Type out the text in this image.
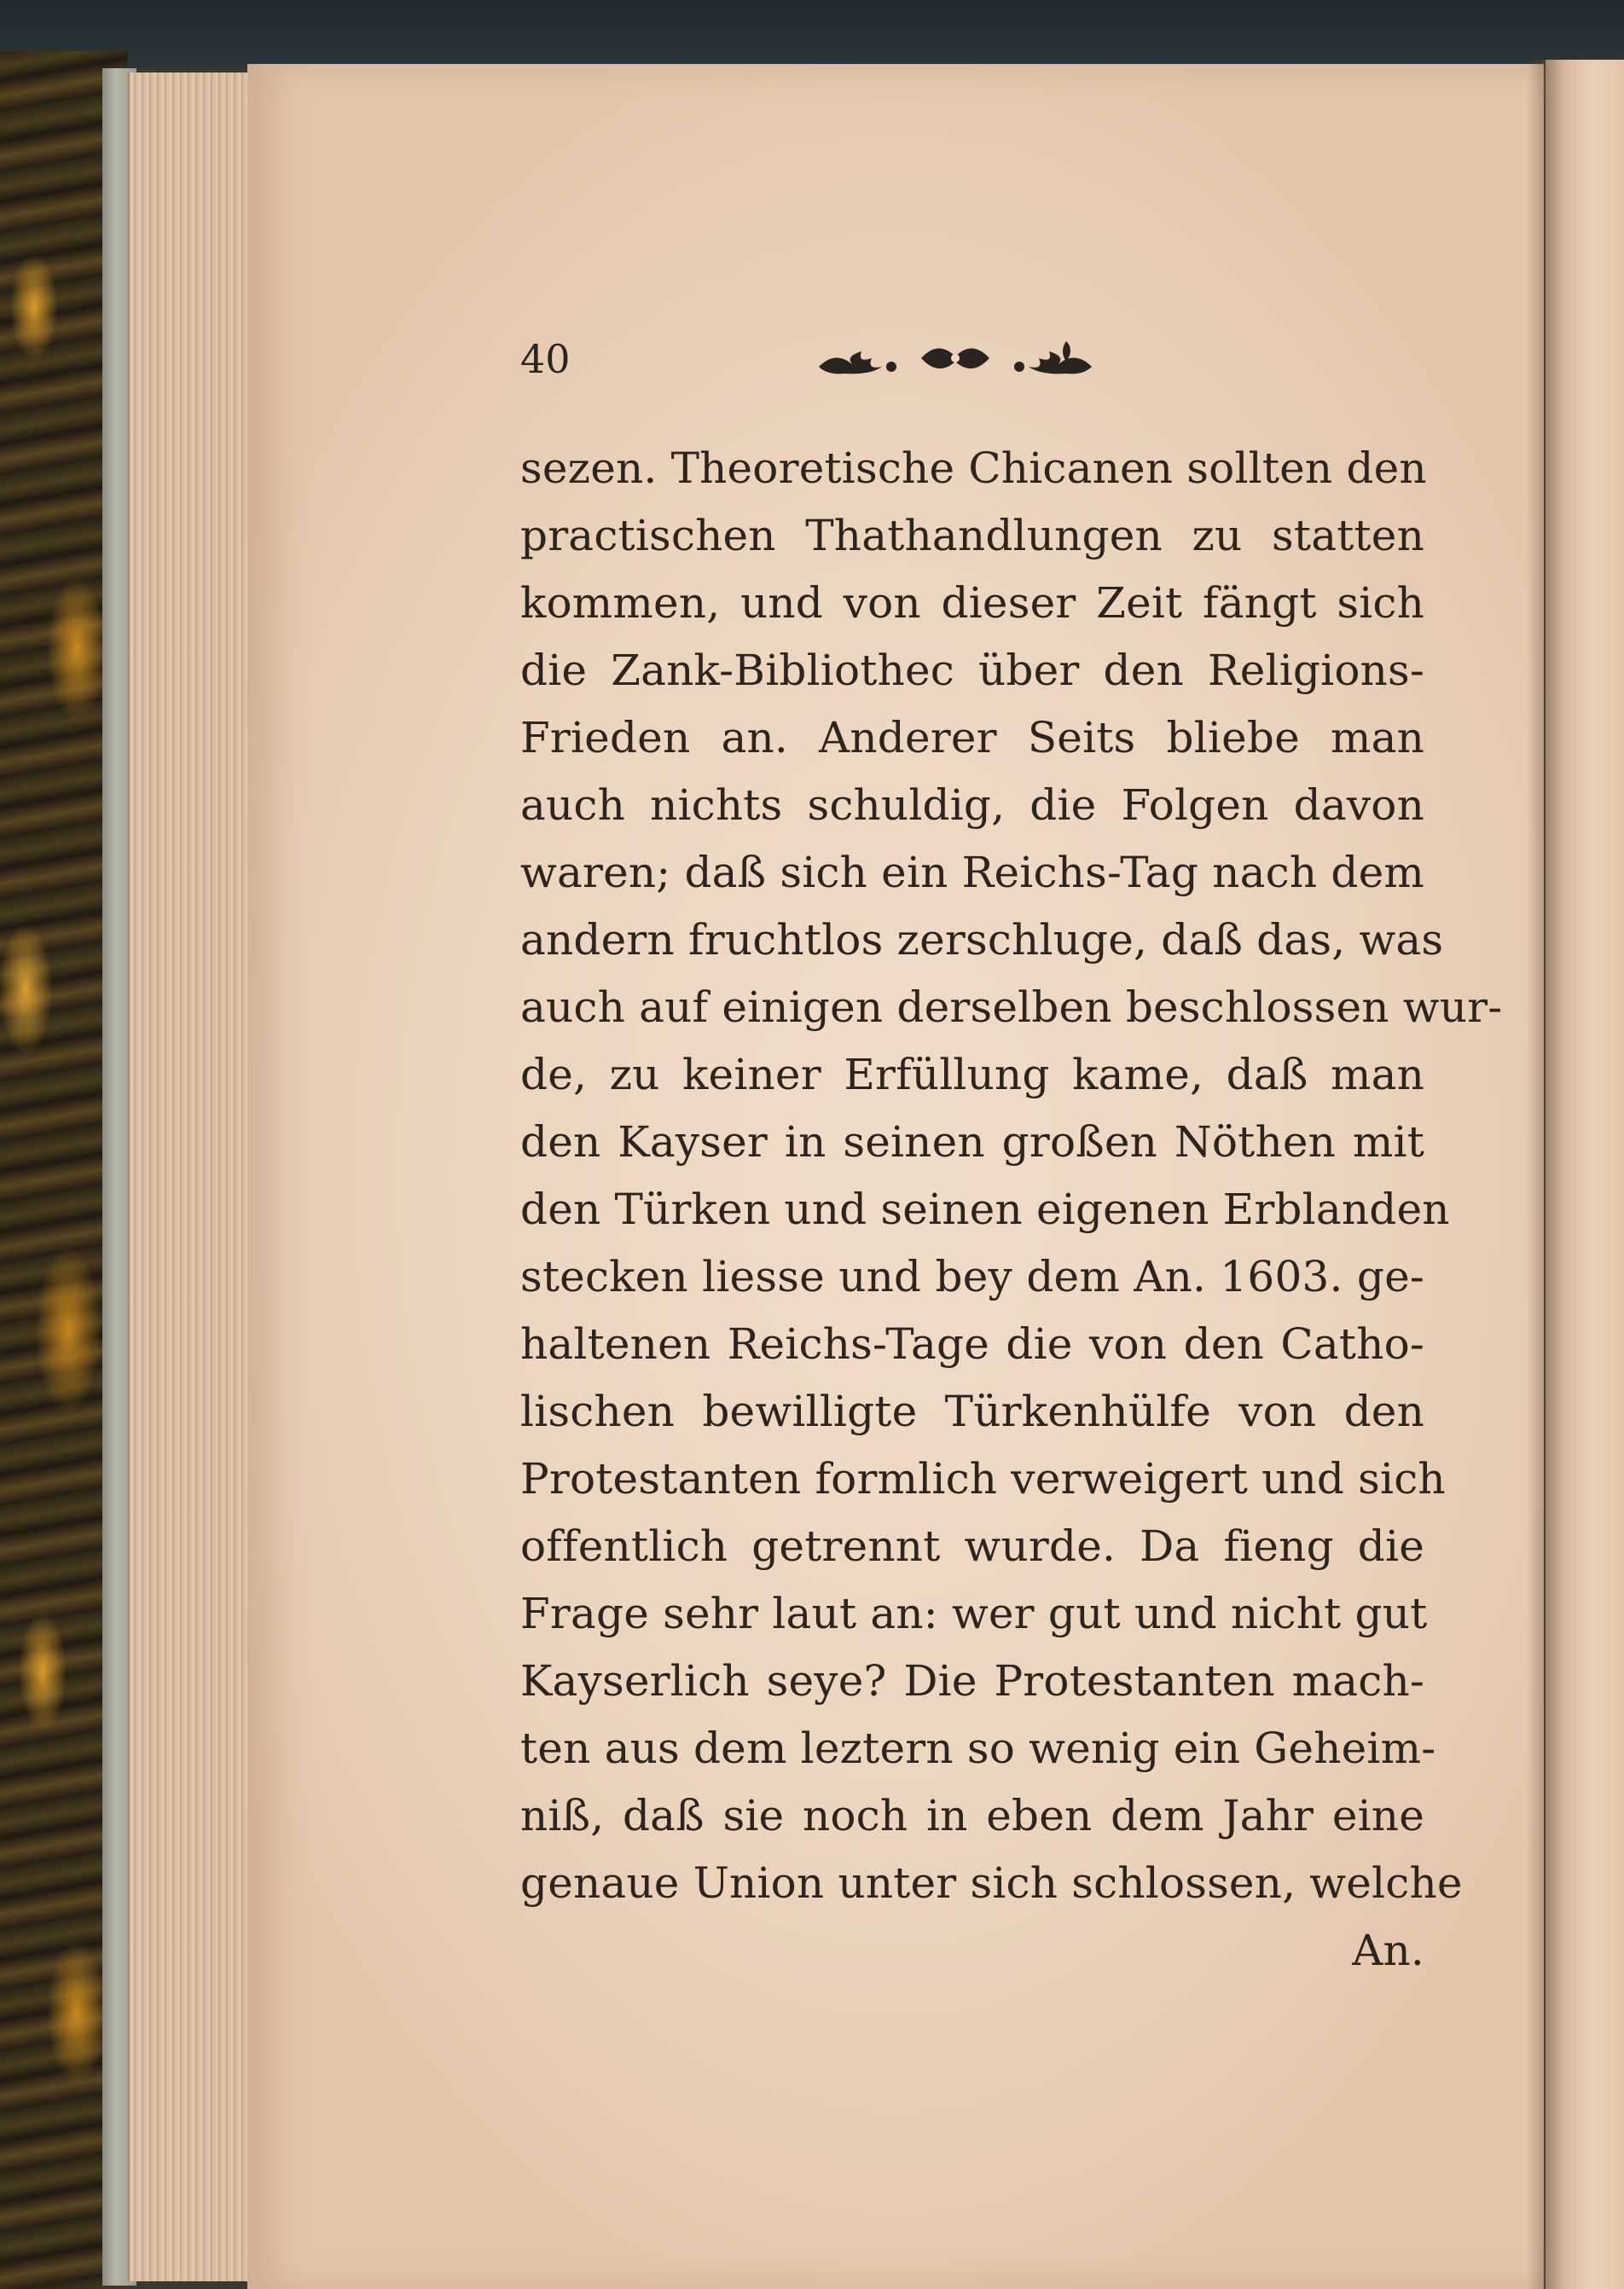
40
sezen. Theoretische Chicanen sollten den
practischen Thathandlungen zu statten
kommen, und von dieser Zeit fängt sich
die Zank-Bibliothec über den Religions-
Frieden an. Anderer Seits bliebe man
auch nichts schuldig, die Folgen davon
waren; daß sich ein Reichs-Tag nach dem
andern fruchtlos zerschluge, daß das, was
auch auf einigen derselben beschlossen wur-
de, zu keiner Erfüllung kame, daß man
den Kayser in seinen großen Nöthen mit
den Türken und seinen eigenen Erblanden
stecken liesse und bey dem An. 1603. ge-
haltenen Reichs-Tage die von den Catho-
lischen bewilligte Türkenhülfe von den
Protestanten formlich verweigert und sich
offentlich getrennt wurde. Da fieng die
Frage sehr laut an: wer gut und nicht gut
Kayserlich seye? Die Protestanten mach-
ten aus dem leztern so wenig ein Geheim-
niß, daß sie noch in eben dem Jahr eine
genaue Union unter sich schlossen, welche
An.
